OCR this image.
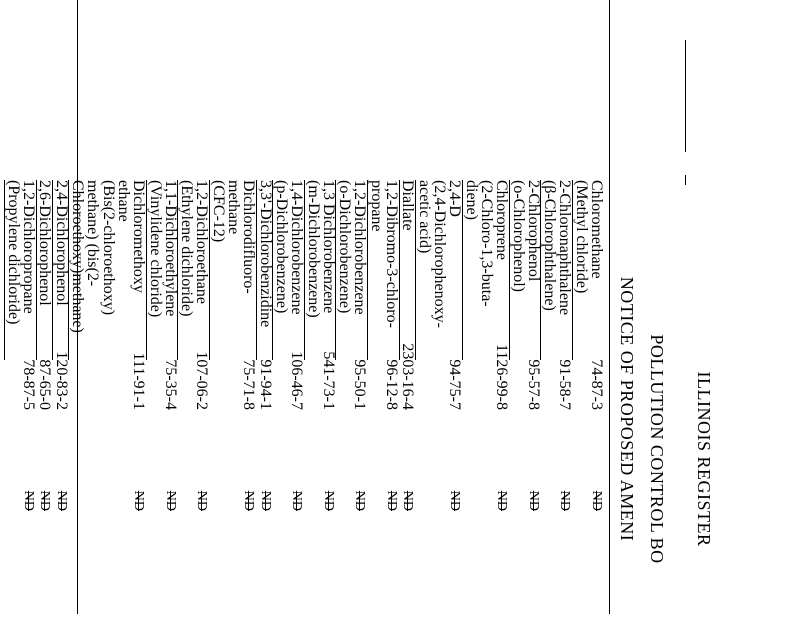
ILLINOIS REGISTER
POLLUTION CONTROL BO
NOTICE OF PROPOSED AMENI
Chloromethane
(Methyl chloride)
74-87-3
ND
2-Chloronaphthalene
(β-Chlorophthalene)
91-58-7
ND
2-Chlorophenol
(o-Chlorophenol)
95-57-8
ND
Chloroprene
(2-Chloro-1,3-buta-
diene)
1126-99-8
ND
2,4-D
(2,4-Dichlorophenoxy-
acetic acid)
94-75-7
ND
Diallate
2303-16-4
ND
1,2-Dibromo-3-chloro-
propane
96-12-8
ND
1,2-Dichlorobenzene
(o-Dichlorobenzene)
95-50-1
ND
1,3 Dichlorobenzene
(m-Dichlorobenzene)
541-73-1
ND
1,4-Dichlorobenzene
(p-Dichlorobenzene)
106-46-7
ND
3,3'-Dichlorobenzidine
91-94-1
ND
Dichlorodifluoro-
methane
(CFC-12)
75-71-8
ND
1,2-Dichloroethane
(Ethylene dichloride)
107-06-2
ND
1,1-Dichloroethylene
(Vinylidene chloride)
75-35-4
ND
Dichloromethoxy
ethane
(Bis(2-chloroethoxy)
methane) (bis(2-
Chloroethoxy)methane)
111-91-1
ND
2,4-Dichlorophenol
120-83-2
ND
2,6-Dichlorophenol
87-65-0
ND
1,2-Dichloropropane
(Propylene dichloride)
78-87-5
ND
